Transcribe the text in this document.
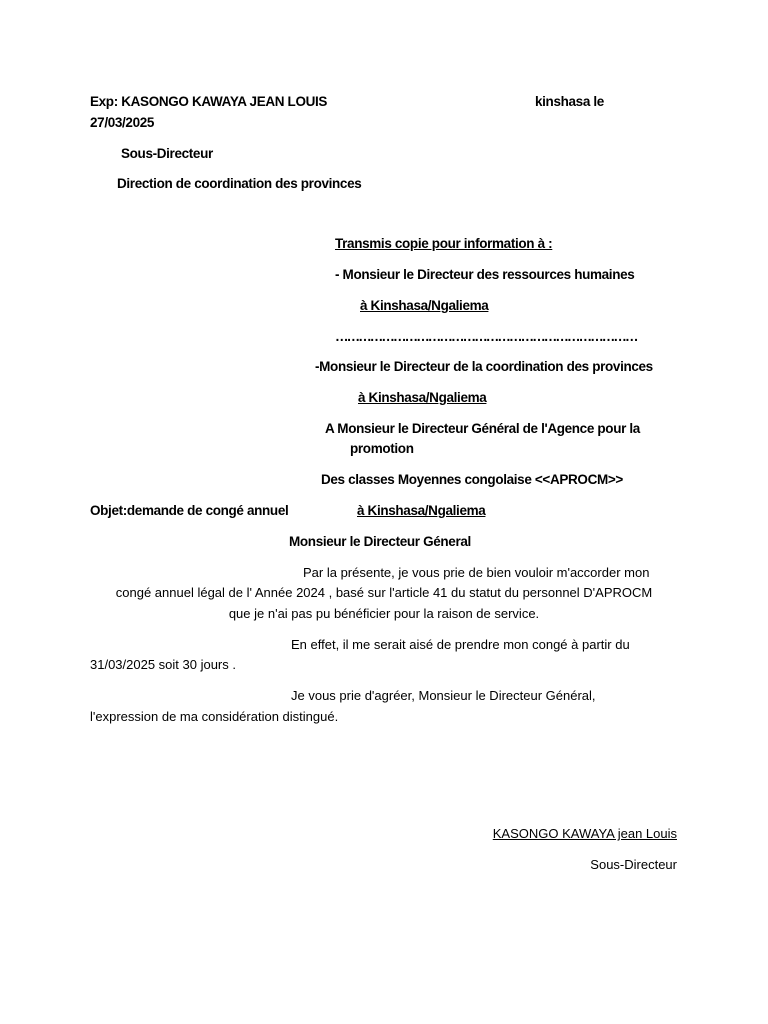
Exp: KASONGO KAWAYA JEAN LOUIS	kinshasa le
27/03/2025
Sous-Directeur
Direction de coordination des provinces
Transmis copie pour information à :
- Monsieur le Directeur des ressources humaines
à Kinshasa/Ngaliema
……………………………………………………………………
-Monsieur le Directeur de la coordination des provinces
à Kinshasa/Ngaliema
A Monsieur le Directeur Général de l'Agence pour la
promotion
Des classes Moyennes congolaise <<APROCM>>
Objet:demande de congé annuel	à Kinshasa/Ngaliema
Monsieur le Directeur Géneral
Par la présente, je vous prie de bien vouloir m'accorder mon
congé annuel légal de l' Année 2024 , basé sur l'article 41 du statut du personnel D'APROCM
que je n'ai pas pu bénéficier pour la raison de service.
En effet, il me serait aisé de prendre mon congé à partir du
31/03/2025 soit 30 jours .
Je vous prie d'agréer, Monsieur le Directeur Général,
l'expression de ma considération distingué.
KASONGO KAWAYA jean Louis
Sous-Directeur
